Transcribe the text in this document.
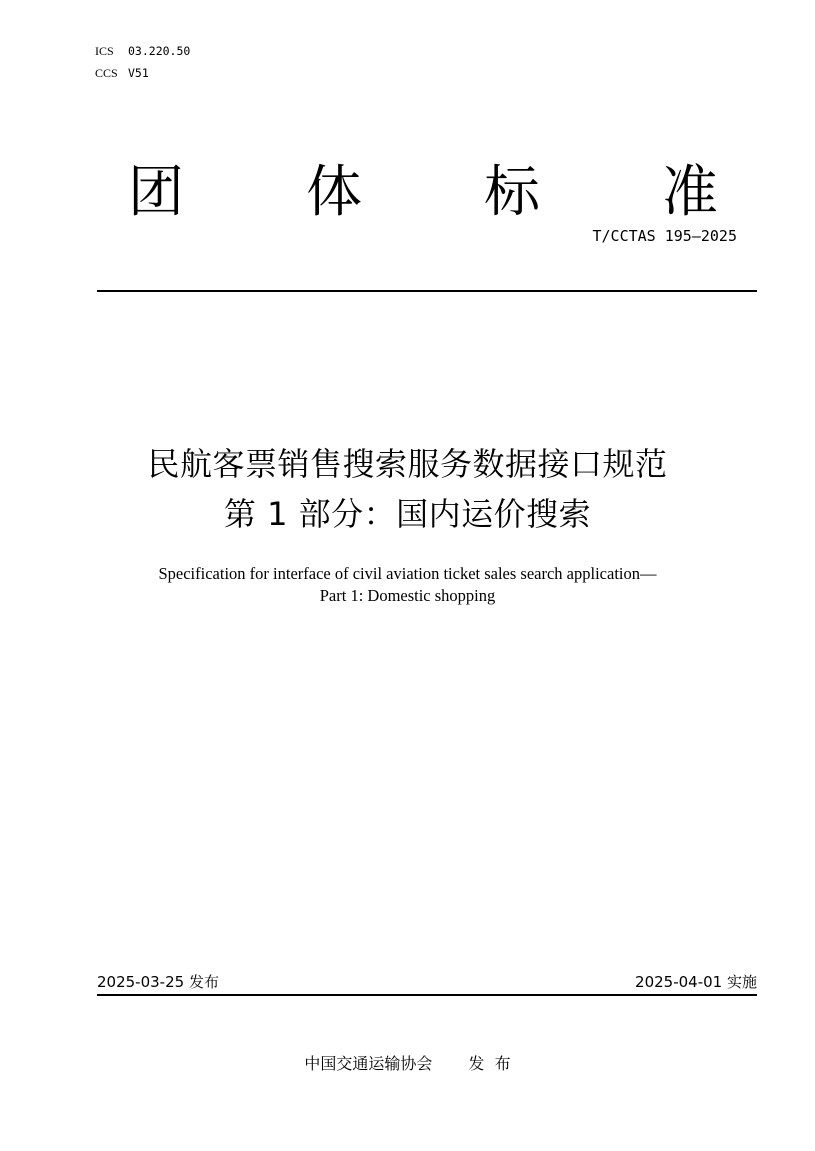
ICS	03.220.50
CCS V51
团 体 标 准
T/CCTAS 195—2025
民航客票销售搜索服务数据接口规范
第 1 部分：国内运价搜索
Specification for interface of civil aviation ticket sales search application—
Part 1: Domestic shopping
2025-03-25 发布	2025-04-01 实施
中国交通运输协会 发  布
